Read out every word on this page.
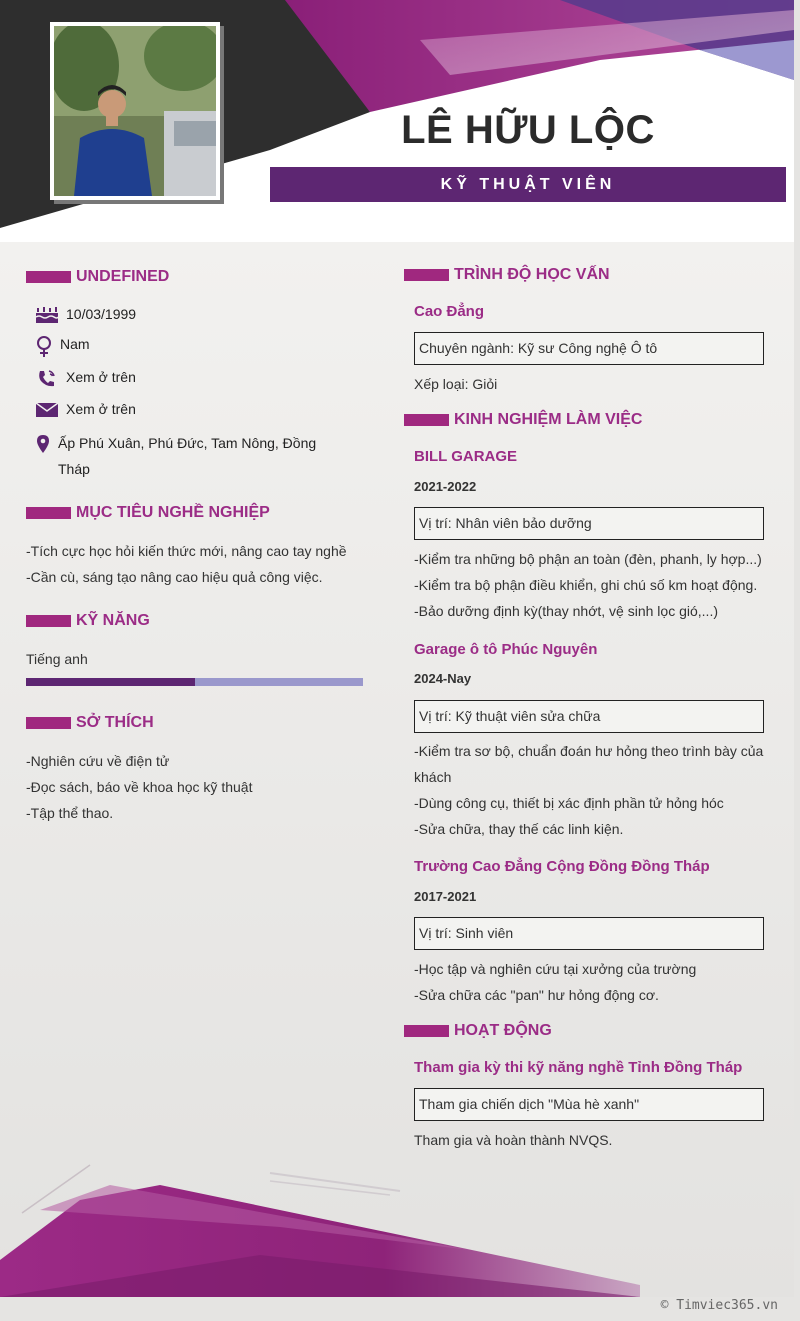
LÊ HỮU LỘC
KỸ THUẬT VIÊN
UNDEFINED
10/03/1999
Nam
Xem ở trên
Xem ở trên
Ấp Phú Xuân, Phú Đức, Tam Nông, Đồng Tháp
MỤC TIÊU NGHỀ NGHIỆP
-Tích cực học hỏi kiến thức mới, nâng cao tay nghề
-Cần cù, sáng tạo nâng cao hiệu quả công việc.
KỸ NĂNG
Tiếng anh
SỞ THÍCH
-Nghiên cứu về điện tử
-Đọc sách, báo về khoa học kỹ thuật
-Tập thể thao.
TRÌNH ĐỘ HỌC VẤN
Cao Đẳng
Chuyên ngành: Kỹ sư Công nghệ Ô tô
Xếp loại: Giỏi
KINH NGHIỆM LÀM VIỆC
BILL GARAGE
2021-2022
Vị trí: Nhân viên bảo dưỡng
-Kiểm tra những bộ phận an toàn (đèn, phanh, ly hợp...)
-Kiểm tra bộ phận điều khiển, ghi chú số km hoạt động.
-Bảo dưỡng định kỳ(thay nhớt, vệ sinh lọc gió,...)
Garage ô tô Phúc Nguyên
2024-Nay
Vị trí: Kỹ thuật viên sửa chữa
-Kiểm tra sơ bộ, chuẩn đoán hư hỏng theo trình bày của
khách
-Dùng công cụ, thiết bị xác định phần tử hỏng hóc
-Sửa chữa, thay thế các linh kiện.
Trường Cao Đẳng Cộng Đồng Đồng Tháp
2017-2021
Vị trí: Sinh viên
-Học tập và nghiên cứu tại xưởng của trường
-Sửa chữa các "pan" hư hỏng động cơ.
HOẠT ĐỘNG
Tham gia kỳ thi kỹ năng nghề Tỉnh Đồng Tháp
Tham gia chiến dịch "Mùa hè xanh"
Tham gia và hoàn thành NVQS.
© Timviec365.vn
